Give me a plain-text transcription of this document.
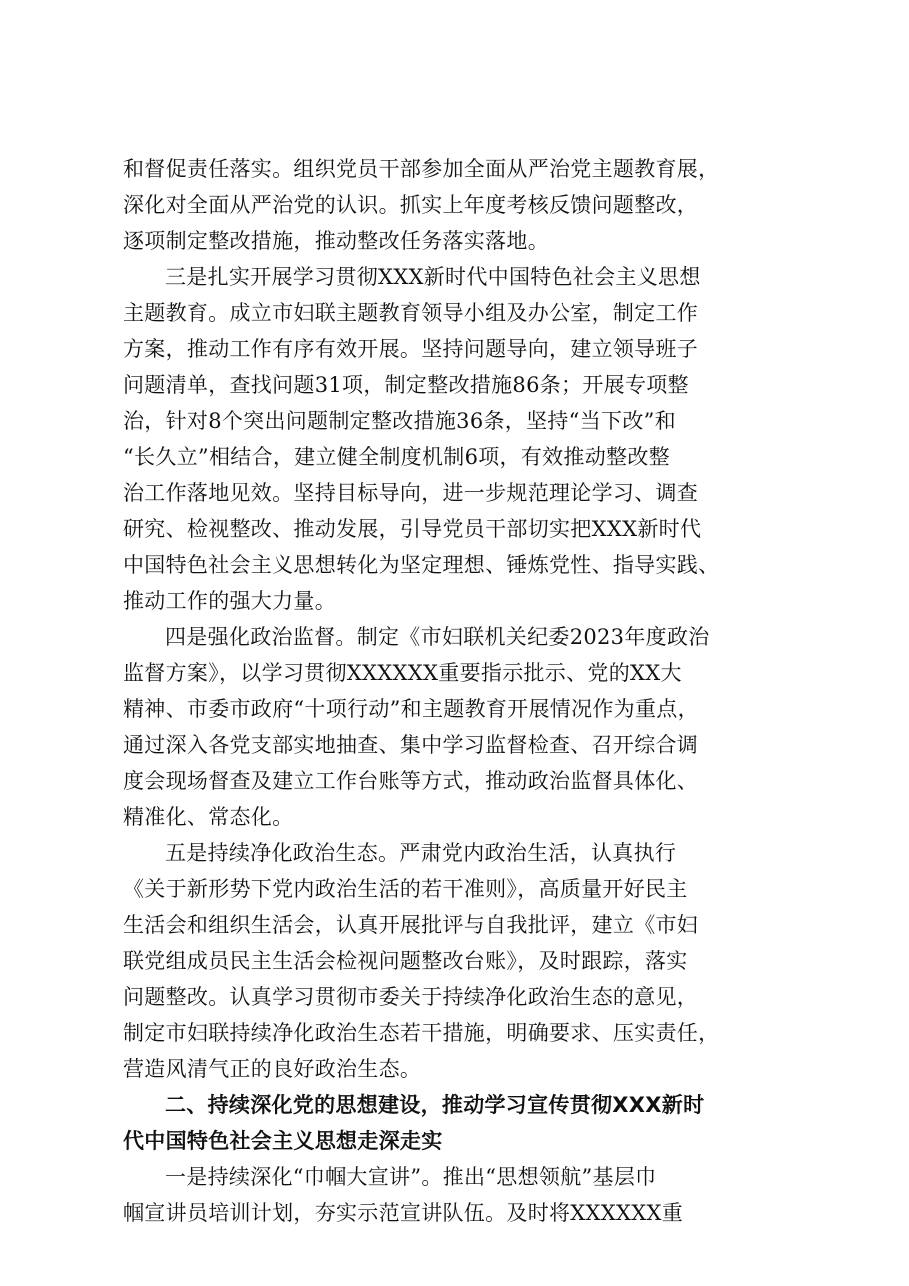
和督促责任落实。组织党员干部参加全面从严治党主题教育展，
深化对全面从严治党的认识。抓实上年度考核反馈问题整改，
逐项制定整改措施，推动整改任务落实落地。
三是扎实开展学习贯彻XXX新时代中国特色社会主义思想
主题教育。成立市妇联主题教育领导小组及办公室，制定工作
方案，推动工作有序有效开展。坚持问题导向，建立领导班子
问题清单，查找问题31项，制定整改措施86条；开展专项整
治，针对8个突出问题制定整改措施36条，坚持“当下改”和
“长久立”相结合，建立健全制度机制6项，有效推动整改整
治工作落地见效。坚持目标导向，进一步规范理论学习、调查
研究、检视整改、推动发展，引导党员干部切实把XXX新时代
中国特色社会主义思想转化为坚定理想、锤炼党性、指导实践、
推动工作的强大力量。
四是强化政治监督。制定《市妇联机关纪委2023年度政治
监督方案》，以学习贯彻XXXXXX重要指示批示、党的XX大
精神、市委市政府“十项行动”和主题教育开展情况作为重点，
通过深入各党支部实地抽查、集中学习监督检查、召开综合调
度会现场督查及建立工作台账等方式，推动政治监督具体化、
精准化、常态化。
五是持续净化政治生态。严肃党内政治生活，认真执行
《关于新形势下党内政治生活的若干准则》，高质量开好民主
生活会和组织生活会，认真开展批评与自我批评，建立《市妇
联党组成员民主生活会检视问题整改台账》，及时跟踪，落实
问题整改。认真学习贯彻市委关于持续净化政治生态的意见，
制定市妇联持续净化政治生态若干措施，明确要求、压实责任，
营造风清气正的良好政治生态。
二、持续深化党的思想建设，推动学习宣传贯彻XXX新时
代中国特色社会主义思想走深走实
一是持续深化“巾帼大宣讲”。推出“思想领航”基层巾
帼宣讲员培训计划，夯实示范宣讲队伍。及时将XXXXXX重
